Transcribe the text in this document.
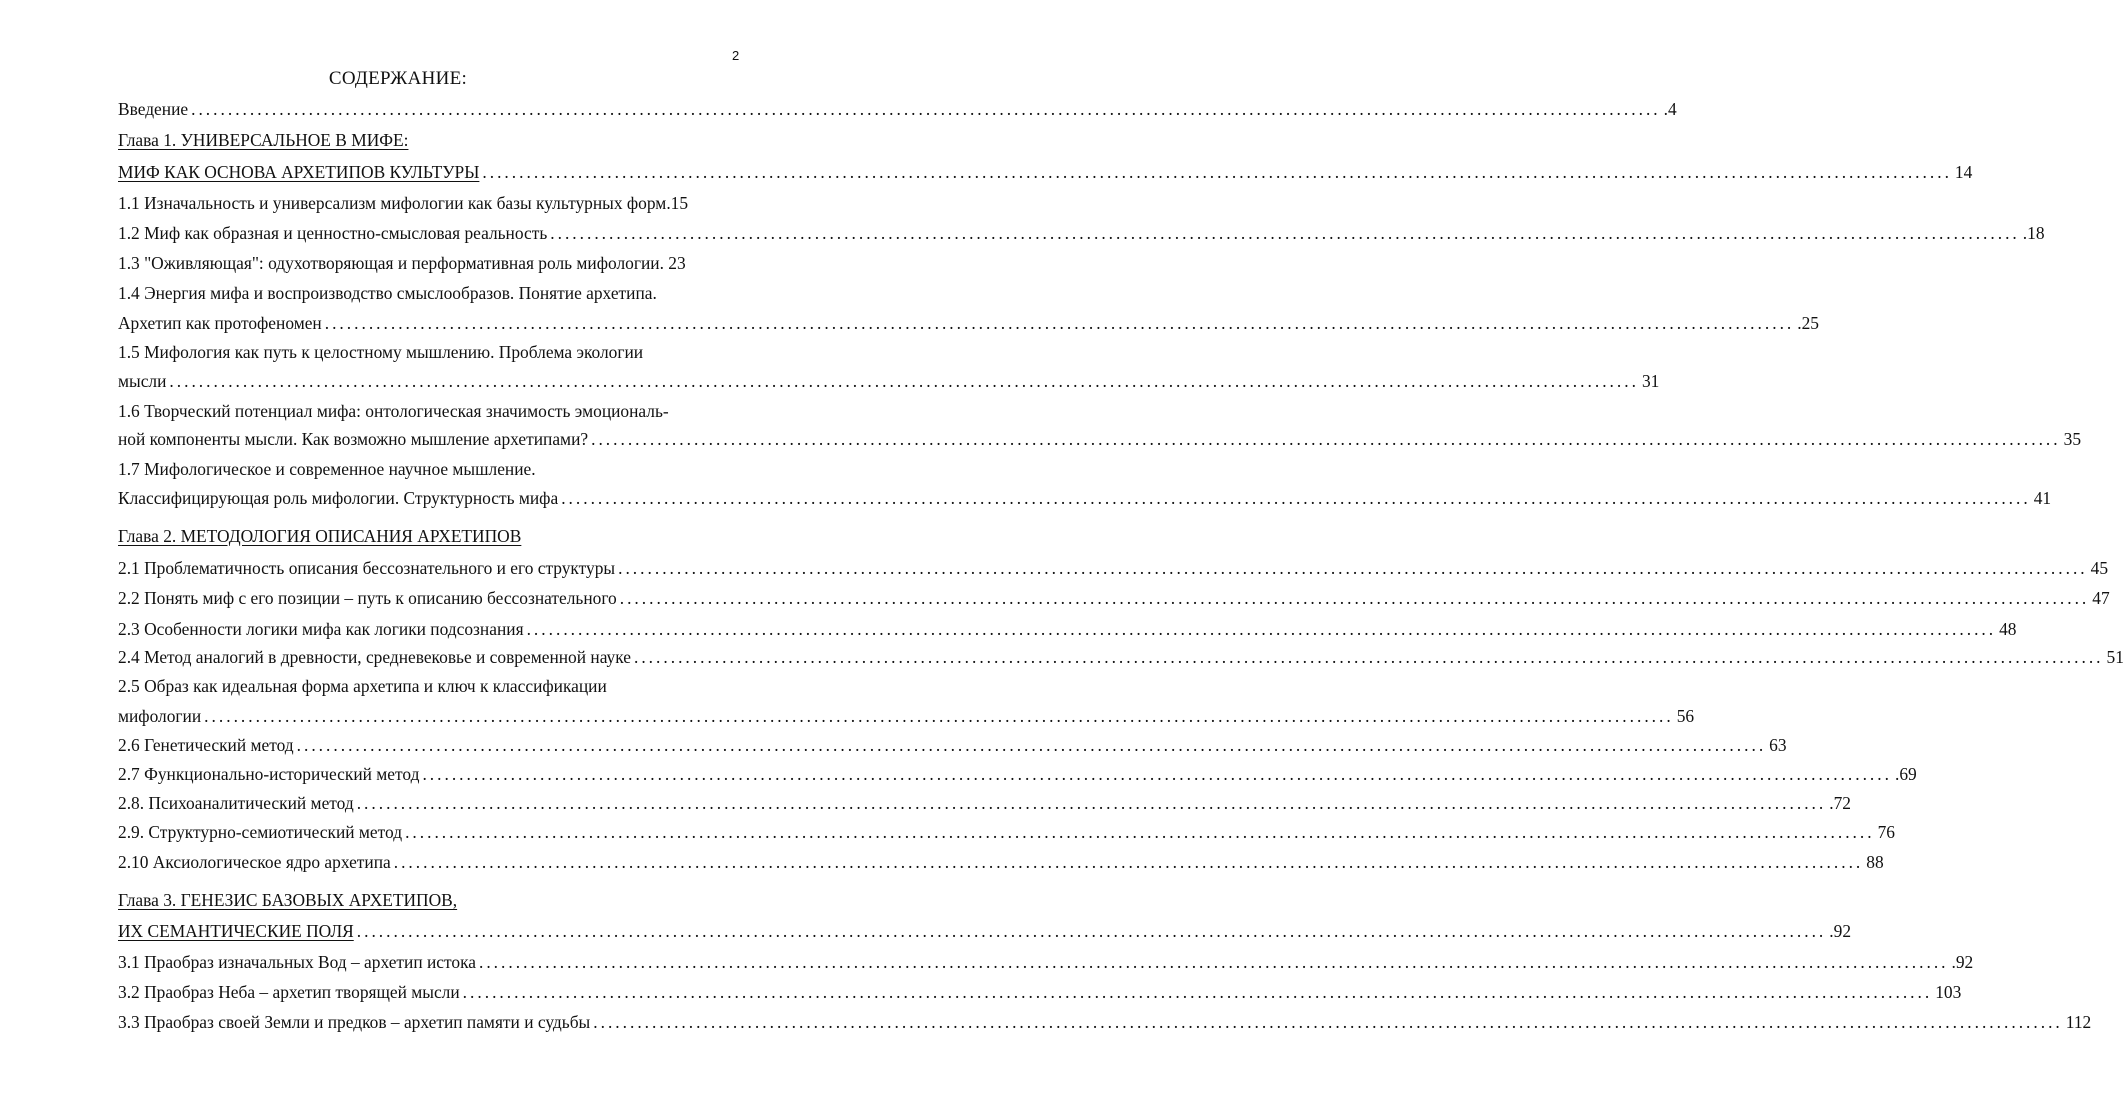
2
СОДЕРЖАНИЕ:
Введение ........................................................................................................................................................................................................ .4
Глава 1. УНИВЕРСАЛЬНОЕ В МИФЕ:
МИФ КАК ОСНОВА АРХЕТИПОВ КУЛЬТУРЫ ........................................................................................................................................................................................................ 14
1.1 Изначальность и универсализм мифологии как базы культурных форм.15
1.2 Миф как образная и ценностно-смысловая реальность ........................................................................................................................................................................................................ .18
1.3 "Оживляющая": одухотворяющая и перформативная роль мифологии. 23
1.4 Энергия мифа и воспроизводство смыслообразов. Понятие архетипа.
Архетип как протофеномен ........................................................................................................................................................................................................ .25
1.5 Мифология как путь к целостному мышлению. Проблема экологии
мысли ........................................................................................................................................................................................................ 31
1.6 Творческий потенциал мифа: онтологическая значимость эмоциональ-
ной компоненты мысли. Как возможно мышление архетипами? ........................................................................................................................................................................................................ 35
1.7 Мифологическое и современное научное мышление.
Классифицирующая роль мифологии. Структурность мифа ........................................................................................................................................................................................................ 41
Глава 2. МЕТОДОЛОГИЯ ОПИСАНИЯ АРХЕТИПОВ
2.1 Проблематичность описания бессознательного и его структуры ........................................................................................................................................................................................................ 45
2.2 Понять миф с его позиции – путь к описанию бессознательного ........................................................................................................................................................................................................ 47
2.3 Особенности логики мифа как логики подсознания ........................................................................................................................................................................................................ 48
2.4 Метод аналогий в древности, средневековье и современной науке ........................................................................................................................................................................................................ 51
2.5 Образ как идеальная форма архетипа и ключ к классификации
мифологии ........................................................................................................................................................................................................ 56
2.6 Генетический метод ........................................................................................................................................................................................................ 63
2.7 Функционально-исторический метод ........................................................................................................................................................................................................ .69
2.8. Психоаналитический метод ........................................................................................................................................................................................................ .72
2.9. Структурно-семиотический метод ........................................................................................................................................................................................................ 76
2.10 Аксиологическое ядро архетипа ........................................................................................................................................................................................................ 88
Глава 3. ГЕНЕЗИС БАЗОВЫХ АРХЕТИПОВ,
ИХ СЕМАНТИЧЕСКИЕ ПОЛЯ ........................................................................................................................................................................................................ .92
3.1 Праобраз изначальных Вод – архетип истока ........................................................................................................................................................................................................ .92
3.2 Праобраз Неба – архетип творящей мысли ........................................................................................................................................................................................................ 103
3.3 Праобраз своей Земли и предков – архетип памяти и судьбы ........................................................................................................................................................................................................ 112
